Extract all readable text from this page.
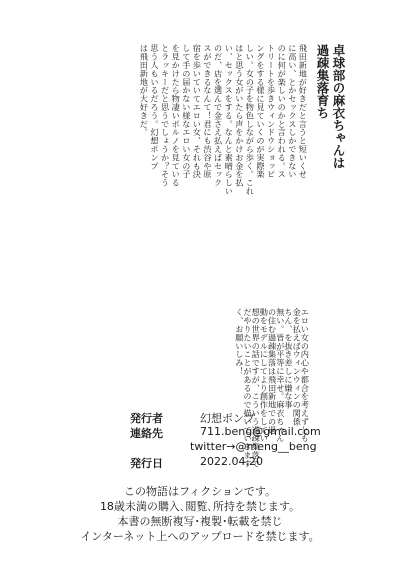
卓球部の麻衣ちゃんは
過疎集落育ち
飛田新地が好きだと言うと短いくせ
に高い、とかセックスしかできない
のに何が楽しいのかと言われる。ス
トリートを歩きウィンドウショッピ
ングをする様に見ていくのが実際楽
しい。女の子を物色しながら歩く。これ
はと思う女がいたら声をかけお金を払
い、セックスをする。なんと素晴らしい
のだ、店を選んで金さえ払えばセック
スができるなんて！君にも渋谷や原
宿を歩いていてエロい女、それも決
して手の届かない様なエロい女の子
を見かけたら物凄いポルノを見ている
とラッキーだと思うでしょうか？そう
思う人もいるだろう。幻想ポンプ
は飛田新地が大好きだ。
エロい女の内心や都合を考えずとも
金を払えばウィンウィンの関係
ちん、を抜き差しに嫌な事
無い。皆が平等に幸せ。麻衣ちゃん
の住む過疎集落は飛田新地での過
動をモデルにしてより創作をしてい
想の世界の話ですが、こういう過疎集落で
だやりたいことがあるので描いていきます
く、お願いしみ！
発行者	幻想ポンプ
連絡先	711.beng@gmail.com
twitter→@meng__beng
発行日	2022.04.20
この物語はフィクションです。
18歳未満の購入､閲覧､所持を禁じます。
本書の無断複写･複製･転載を禁じ
インターネット上へのアップロードを禁じます。
